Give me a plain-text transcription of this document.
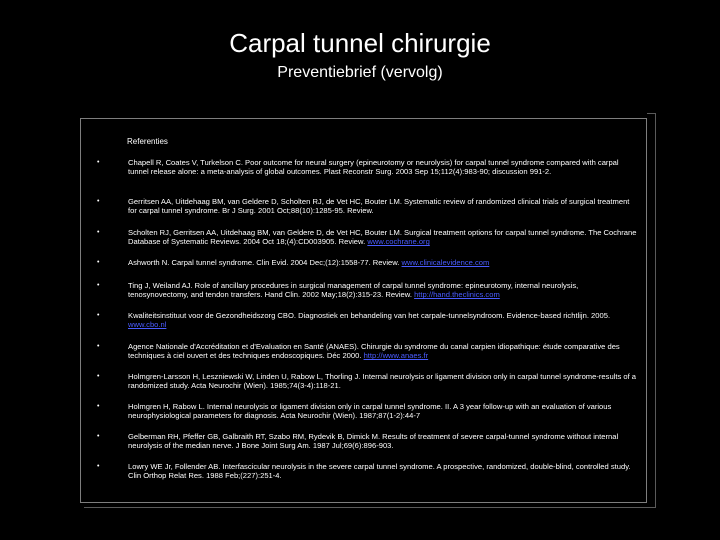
Carpal tunnel chirurgie
Preventiebrief (vervolg)
Referenties
•	Chapell R, Coates V, Turkelson C. Poor outcome for neural surgery (epineurotomy or neurolysis) for carpal tunnel syndrome compared with carpal tunnel release alone: a meta-analysis of global outcomes. Plast Reconstr Surg. 2003 Sep 15;112(4):983-90; discussion 991-2.
•	Gerritsen AA, Uitdehaag BM, van Geldere D, Scholten RJ, de Vet HC, Bouter LM. Systematic review of randomized clinical trials of surgical treatment for carpal tunnel syndrome. Br J Surg. 2001 Oct;88(10):1285-95. Review.
•	Scholten RJ, Gerritsen AA, Uitdehaag BM, van Geldere D, de Vet HC, Bouter LM. Surgical treatment options for carpal tunnel syndrome. The Cochrane Database of Systematic Reviews. 2004 Oct 18;(4):CD003905. Review. www.cochrane.org
•	Ashworth N. Carpal tunnel syndrome. Clin Evid. 2004 Dec;(12):1558-77. Review. www.clinicalevidence.com
•	Ting J, Weiland AJ. Role of ancillary procedures in surgical management of carpal tunnel syndrome: epineurotomy, internal neurolysis, tenosynovectomy, and tendon transfers. Hand Clin. 2002 May;18(2):315-23. Review. http://hand.theclinics.com
•	Kwaliteitsinstituut voor de Gezondheidszorg CBO. Diagnostiek en behandeling van het carpale-tunnelsyndroom. Evidence-based richtlijn. 2005. www.cbo.nl
•	Agence Nationale d'Accréditation et d'Evaluation en Santé (ANAES). Chirurgie du syndrome du canal carpien idiopathique: étude comparative des techniques à ciel ouvert et des techniques endoscopiques. Déc 2000. http://www.anaes.fr
•	Holmgren-Larsson H, Leszniewski W, Linden U, Rabow L, Thorling J. Internal neurolysis or ligament division only in carpal tunnel syndrome-results of a randomized study. Acta Neurochir (Wien). 1985;74(3-4):118-21.
•	Holmgren H, Rabow L. Internal neurolysis or ligament division only in carpal tunnel syndrome. II. A 3 year follow-up with an evaluation of various neurophysiological parameters for diagnosis. Acta Neurochir (Wien). 1987;87(1-2):44-7
•	Gelberman RH, Pfeffer GB, Galbraith RT, Szabo RM, Rydevik B, Dimick M. Results of treatment of severe carpal-tunnel syndrome without internal neurolysis of the median nerve. J Bone Joint Surg Am. 1987 Jul;69(6):896-903.
•	Lowry WE Jr, Follender AB. Interfascicular neurolysis in the severe carpal tunnel syndrome. A prospective, randomized, double-blind, controlled study. Clin Orthop Relat Res. 1988 Feb;(227):251-4.
